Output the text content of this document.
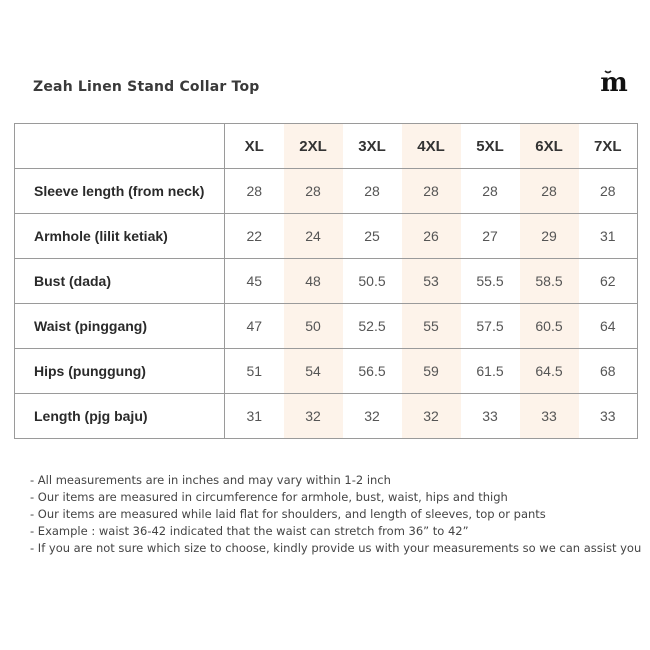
Zeah Linen Stand Collar Top	m
	XL	2XL	3XL	4XL	5XL	6XL	7XL
Sleeve length (from neck)	28	28	28	28	28	28	28
Armhole (lilit ketiak)	22	24	25	26	27	29	31
Bust (dada)	45	48	50.5	53	55.5	58.5	62
Waist (pinggang)	47	50	52.5	55	57.5	60.5	64
Hips (punggung)	51	54	56.5	59	61.5	64.5	68
Length (pjg baju)	31	32	32	32	33	33	33
- All measurements are in inches and may vary within 1-2 inch
- Our items are measured in circumference for armhole, bust, waist, hips and thigh
- Our items are measured while laid flat for shoulders, and length of sleeves, top or pants
- Example : waist 36-42 indicated that the waist can stretch from 36” to 42”
- If you are not sure which size to choose, kindly provide us with your measurements so we can assist you
